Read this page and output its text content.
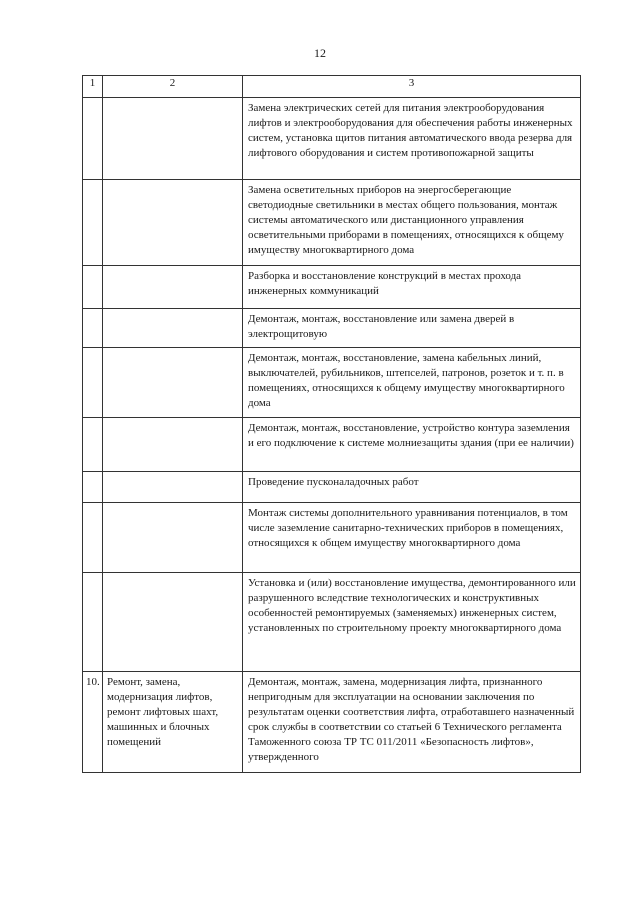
12
1	2	3
		Замена электрических сетей для питания электрооборудования лифтов и электрооборудования для обеспечения работы инженерных систем, установка щитов питания автоматического ввода резерва для лифтового оборудования и систем противопожарной защиты
		Замена осветительных приборов на энергосберегающие светодиодные светильники в местах общего пользования, монтаж системы автоматического или дистанционного управления осветительными приборами в помещениях, относящихся к общему имуществу многоквартирного дома
		Разборка и восстановление конструкций в местах прохода инженерных коммуникаций
		Демонтаж, монтаж, восстановление или замена дверей в электрощитовую
		Демонтаж, монтаж, восстановление, замена кабельных линий, выключателей, рубильников, штепселей, патронов, розеток и т. п. в помещениях, относящихся к общему имуществу многоквартирного дома
		Демонтаж, монтаж, восстановление, устройство контура заземления и его подключение к системе молниезащиты здания (при ее наличии)
		Проведение пусконаладочных работ
		Монтаж системы дополнительного уравнивания потенциалов, в том числе заземление санитарно-технических приборов в помещениях, относящихся к общем имуществу многоквартирного дома
		Установка и (или) восстановление имущества, демонтированного или разрушенного вследствие технологических и конструктивных особенностей ремонтируемых (заменяемых) инженерных систем, установленных по строительному проекту многоквартирного дома
10.	Ремонт, замена, модернизация лифтов, ремонт лифтовых шахт, машинных и блочных помещений	Демонтаж, монтаж, замена, модернизация лифта, признанного непригодным для эксплуатации на основании заключения по результатам оценки соответствия лифта, отработавшего назначенный срок службы в соответствии со статьей 6 Технического регламента Таможенного союза ТР ТС 011/2011 «Безопасность лифтов», утвержденного
